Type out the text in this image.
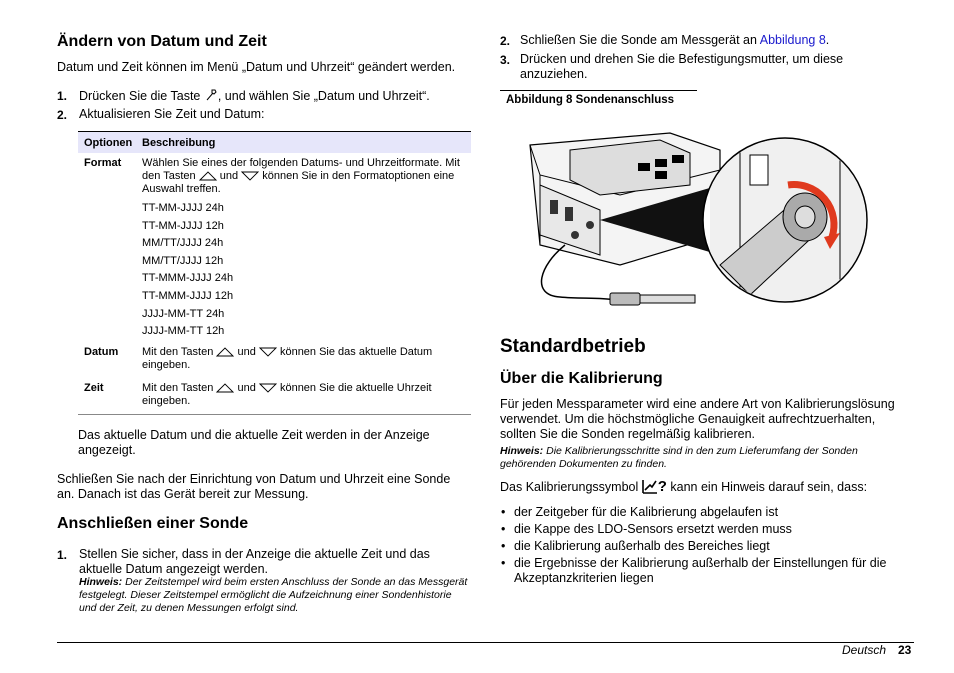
Ändern von Datum und Zeit

Datum und Zeit können im Menü „Datum und Uhrzeit“ geändert werden.

1. Drücken Sie die Taste , und wählen Sie „Datum und Uhrzeit“.

2. Aktualisieren Sie Zeit und Datum:

Optionen Beschreibung
Format Wählen Sie eines der folgenden Datums- und Uhrzeitformate. Mit den Tasten und können Sie in den Formatoptionen eine Auswahl treffen.

TT-MM-JJJJ 24h
TT-MM-JJJJ 12h
MM/TT/JJJJ 24h
MM/TT/JJJJ 12h
TT-MMM-JJJJ 24h
TT-MMM-JJJJ 12h
JJJJ-MM-TT 24h
JJJJ-MM-TT 12h
Datum Mit den Tasten und können Sie das aktuelle Datum eingeben.

Zeit	Mit den Tasten und können Sie die aktuelle Uhrzeit eingeben.

Das aktuelle Datum und die aktuelle Zeit werden in der Anzeige angezeigt.

Schließen Sie nach der Einrichtung von Datum und Uhrzeit eine Sonde an. Danach ist das Gerät bereit zur Messung.

Anschließen einer Sonde
1. Stellen Sie sicher, dass in der Anzeige die aktuelle Zeit und das aktuelle Datum angezeigt werden.

Hinweis: Der Zeitstempel wird beim ersten Anschluss der Sonde an das Messgerät festgelegt. Dieser Zeitstempel ermöglicht die Aufzeichnung einer Sondenhistorie und der Zeit, zu denen Messungen erfolgt sind.

2. Schließen Sie die Sonde am Messgerät an Abbildung 8.

3. Drücken und drehen Sie die Befestigungsmutter, um diese anzuziehen.

Abbildung 8 Sondenanschluss
Standardbetrieb
Über die Kalibrierung

Für jeden Messparameter wird eine andere Art von Kalibrierungslösung verwendet. Um die höchstmögliche Genauigkeit aufrechtzuerhalten, sollten Sie die Sonden regelmäßig kalibrieren.

Hinweis: Die Kalibrierungsschritte sind in den zum Lieferumfang der Sonden gehörenden Dokumenten zu finden.

Das Kalibrierungssymbol ? kann ein Hinweis darauf sein, dass:

• der Zeitgeber für die Kalibrierung abgelaufen ist
• die Kappe des LDO-Sensors ersetzt werden muss
• die Kalibrierung außerhalb des Bereiches liegt
• die Ergebnisse der Kalibrierung außerhalb der Einstellungen für die Akzeptanzkriterien liegen
Deutsch 23
